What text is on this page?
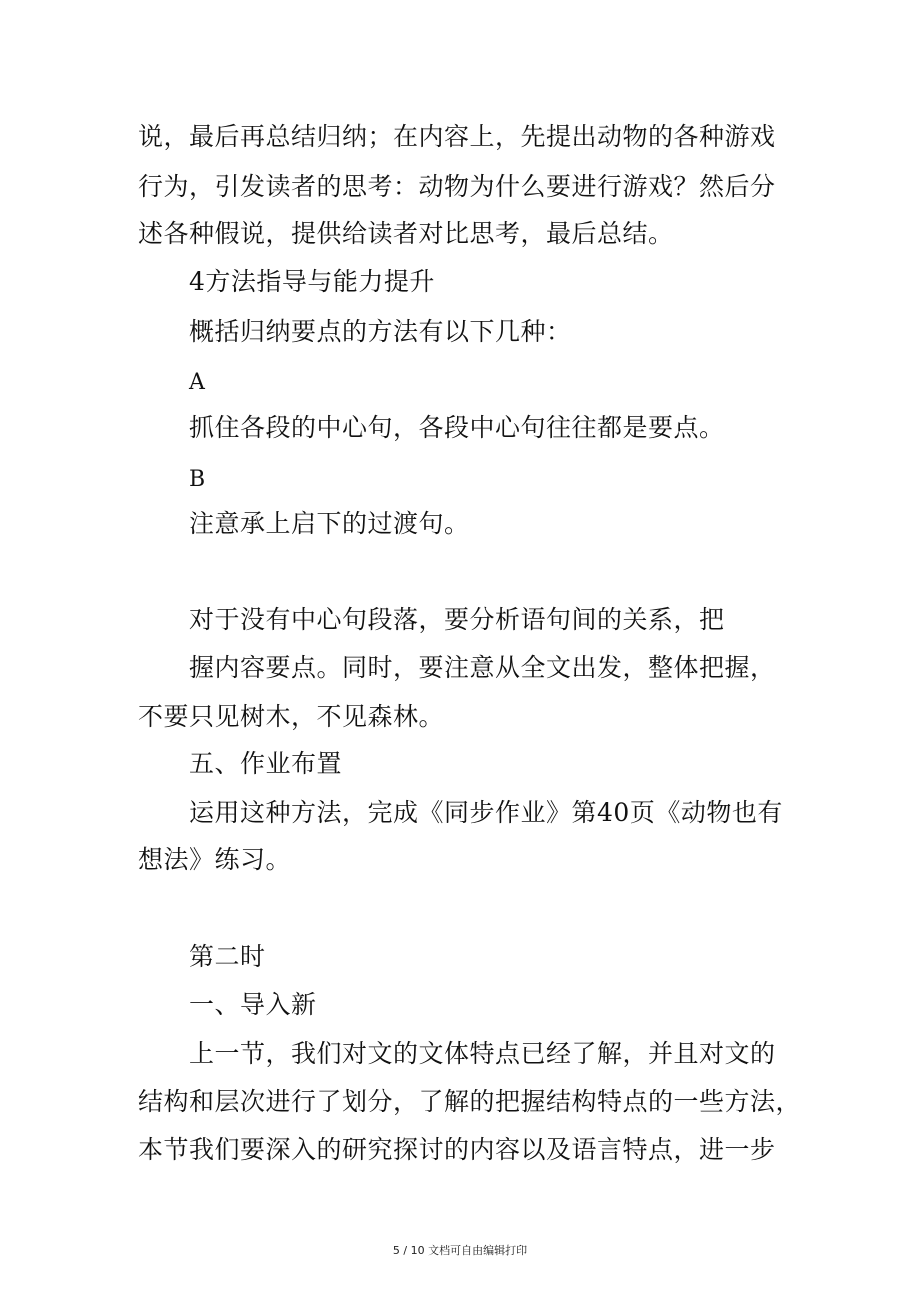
说，最后再总结归纳；在内容上，先提出动物的各种游戏
行为，引发读者的思考：动物为什么要进行游戏？然后分
述各种假说，提供给读者对比思考，最后总结。
4方法指导与能力提升
概括归纳要点的方法有以下几种：
A
抓住各段的中心句，各段中心句往往都是要点。
B
注意承上启下的过渡句。
对于没有中心句段落，要分析语句间的关系，把
握内容要点。同时，要注意从全文出发，整体把握，
不要只见树木，不见森林。
五、作业布置
运用这种方法，完成《同步作业》第40页《动物也有
想法》练习。
第二时
一、导入新
上一节，我们对文的文体特点已经了解，并且对文的
结构和层次进行了划分，了解的把握结构特点的一些方法，
本节我们要深入的研究探讨的内容以及语言特点，进一步
5 / 10 文档可自由编辑打印
